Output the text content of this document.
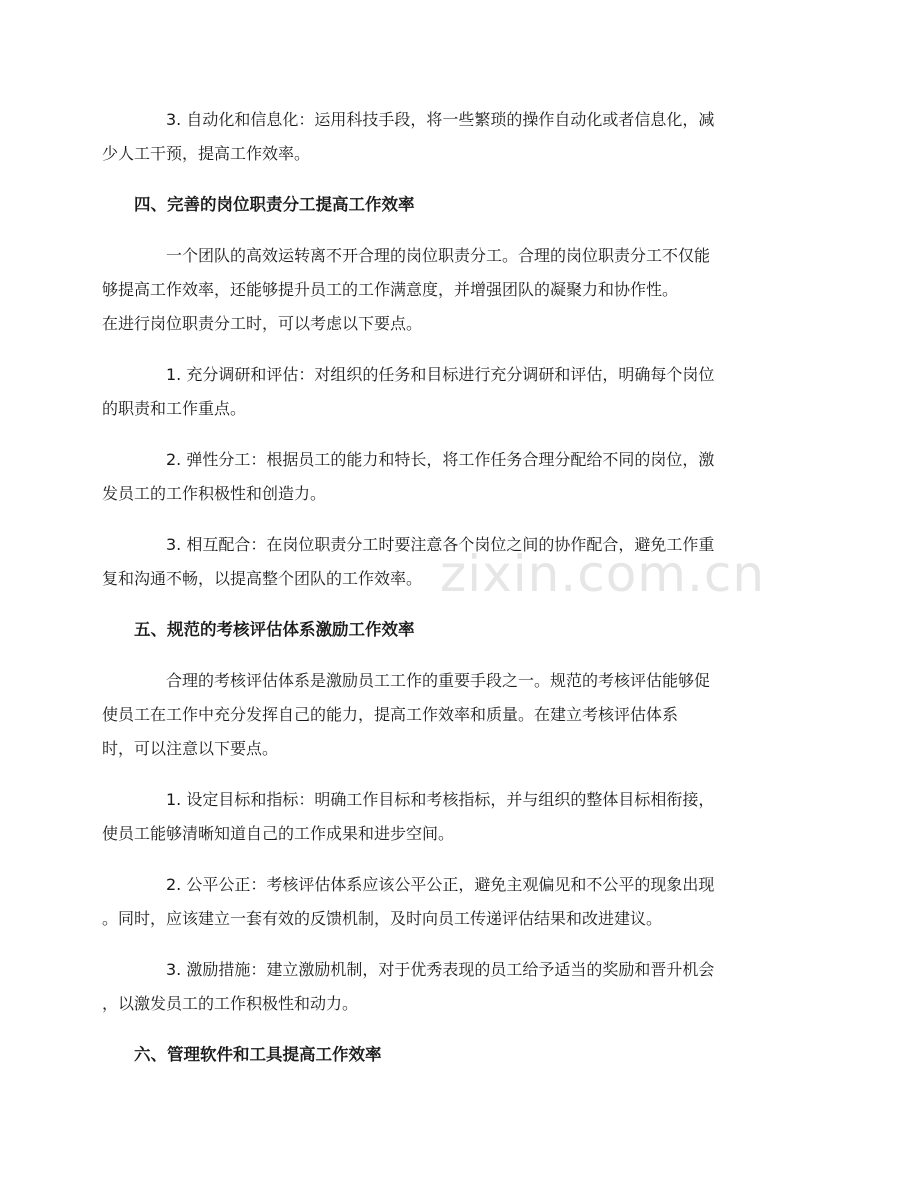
zixin.com.cn
3. 自动化和信息化：运用科技手段，将一些繁琐的操作自动化或者信息化，减
少人工干预，提高工作效率。
四、完善的岗位职责分工提高工作效率
一个团队的高效运转离不开合理的岗位职责分工。合理的岗位职责分工不仅能
够提高工作效率，还能够提升员工的工作满意度，并增强团队的凝聚力和协作性。
在进行岗位职责分工时，可以考虑以下要点。
1. 充分调研和评估：对组织的任务和目标进行充分调研和评估，明确每个岗位
的职责和工作重点。
2. 弹性分工：根据员工的能力和特长，将工作任务合理分配给不同的岗位，激
发员工的工作积极性和创造力。
3. 相互配合：在岗位职责分工时要注意各个岗位之间的协作配合，避免工作重
复和沟通不畅，以提高整个团队的工作效率。
五、规范的考核评估体系激励工作效率
合理的考核评估体系是激励员工工作的重要手段之一。规范的考核评估能够促
使员工在工作中充分发挥自己的能力，提高工作效率和质量。在建立考核评估体系
时，可以注意以下要点。
1. 设定目标和指标：明确工作目标和考核指标，并与组织的整体目标相衔接，
使员工能够清晰知道自己的工作成果和进步空间。
2. 公平公正：考核评估体系应该公平公正，避免主观偏见和不公平的现象出现
。同时，应该建立一套有效的反馈机制，及时向员工传递评估结果和改进建议。
3. 激励措施：建立激励机制，对于优秀表现的员工给予适当的奖励和晋升机会
，以激发员工的工作积极性和动力。
六、管理软件和工具提高工作效率
